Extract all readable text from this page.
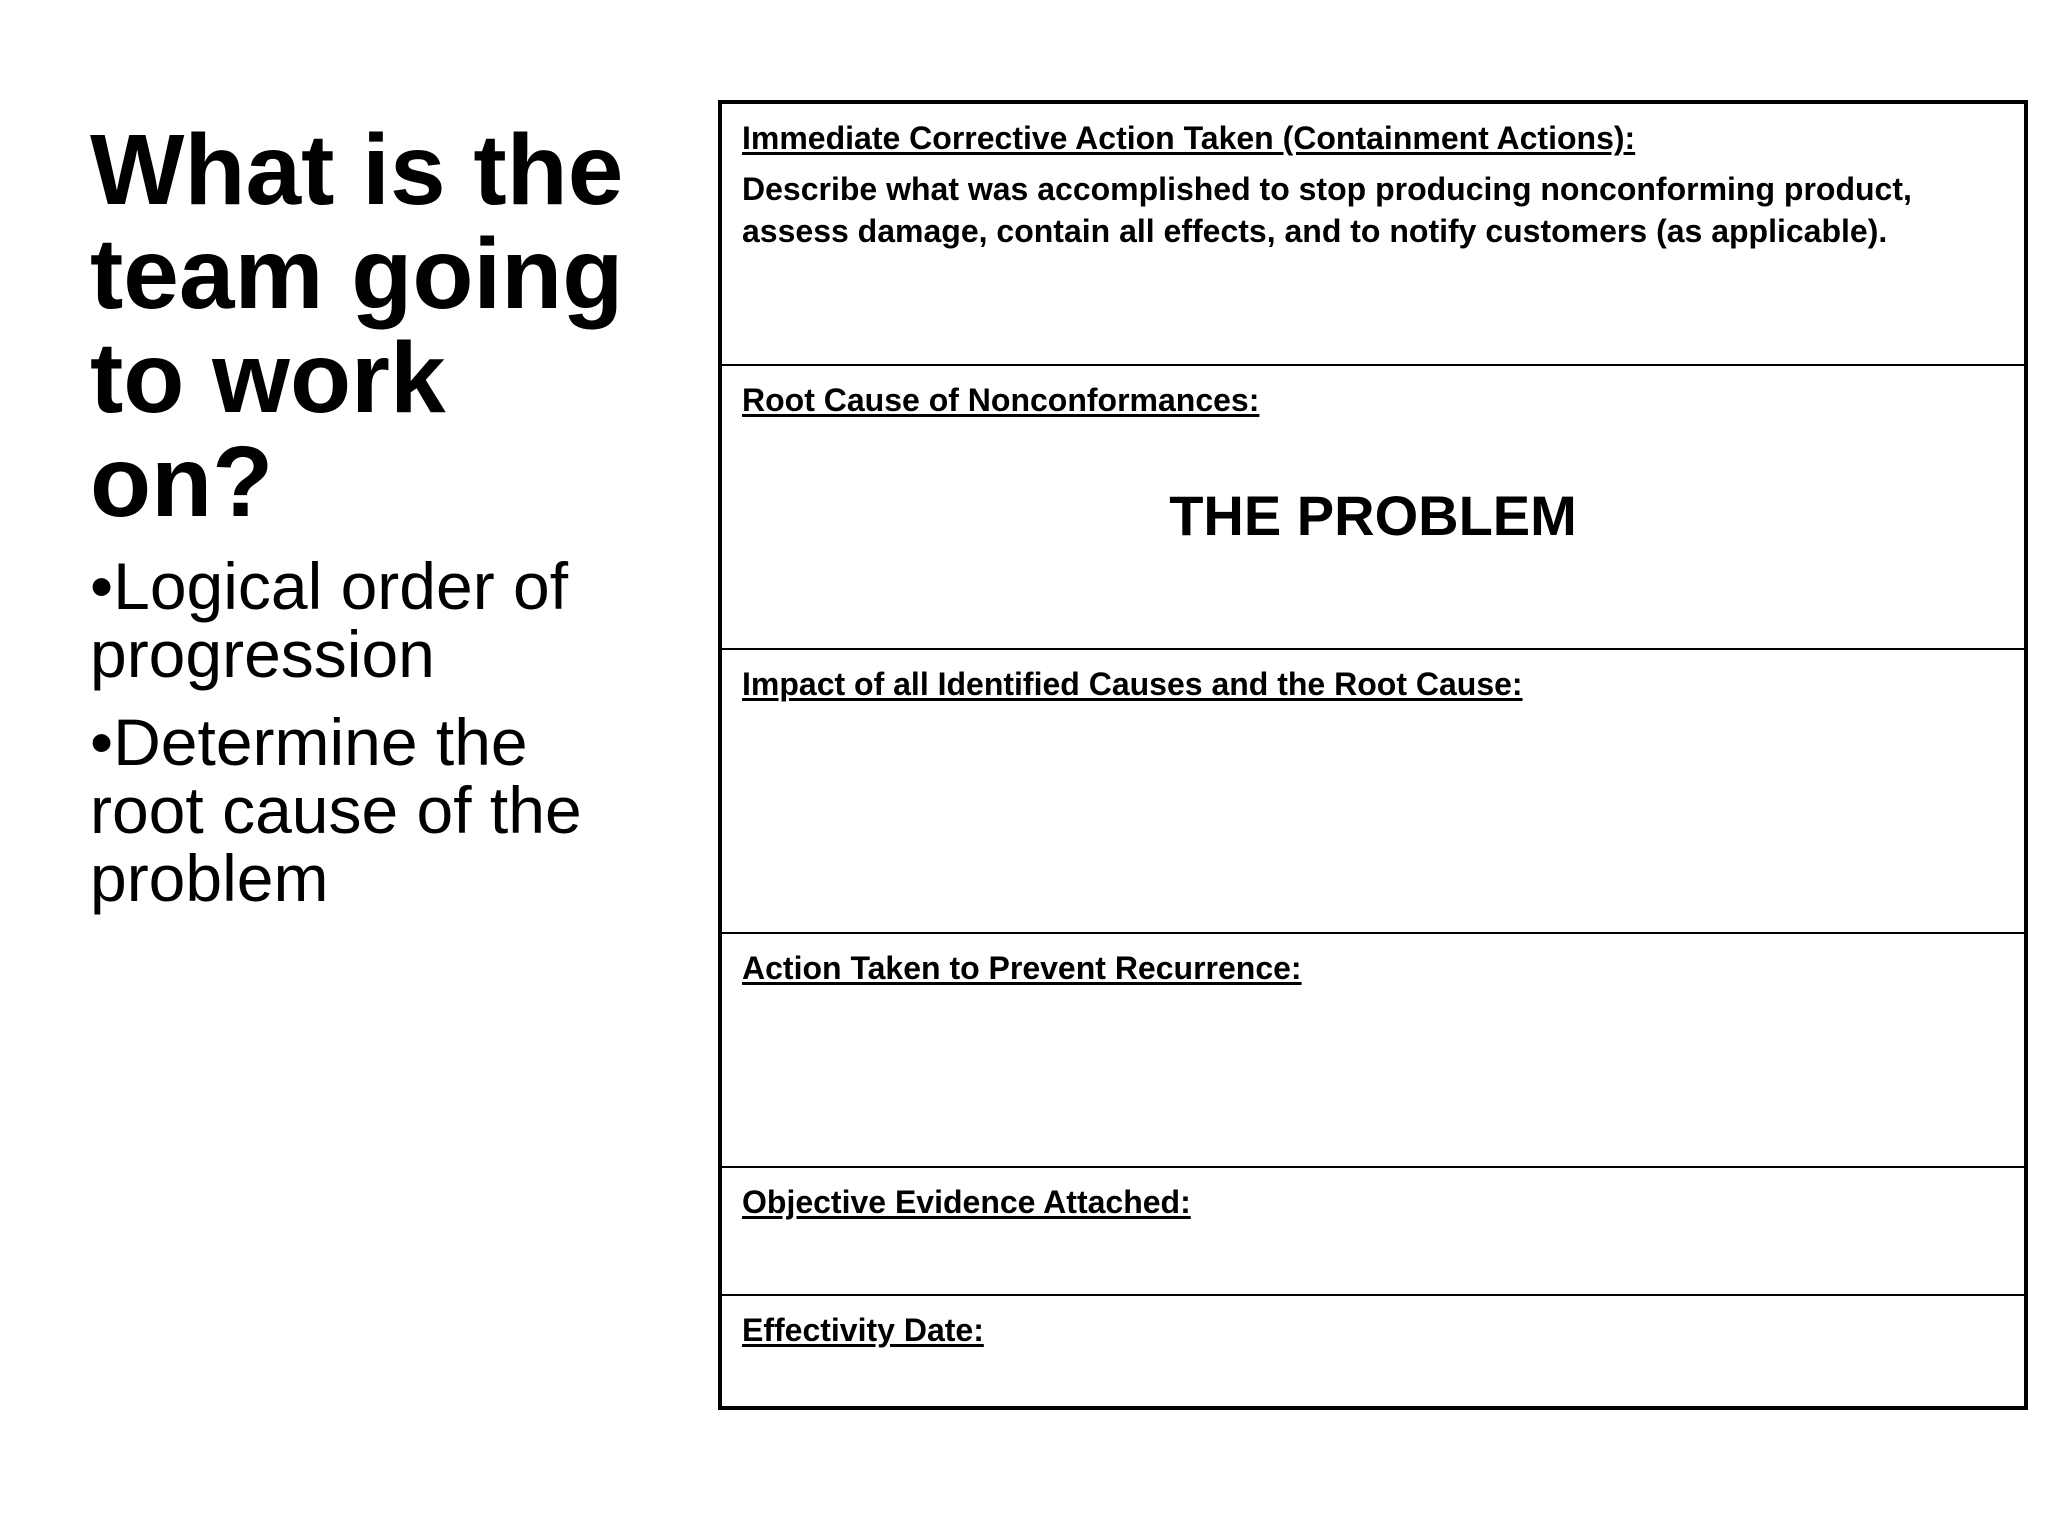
What is the team going to work on?
•Logical order of progression
•Determine the root cause of the problem
Immediate Corrective Action Taken (Containment Actions):
Describe what was accomplished to stop producing nonconforming product, assess damage, contain all effects, and to notify customers (as applicable).
Root Cause of Nonconformances:
THE PROBLEM
Impact of all Identified Causes and the Root Cause:
Action Taken to Prevent Recurrence:
Objective Evidence Attached:
Effectivity Date:
